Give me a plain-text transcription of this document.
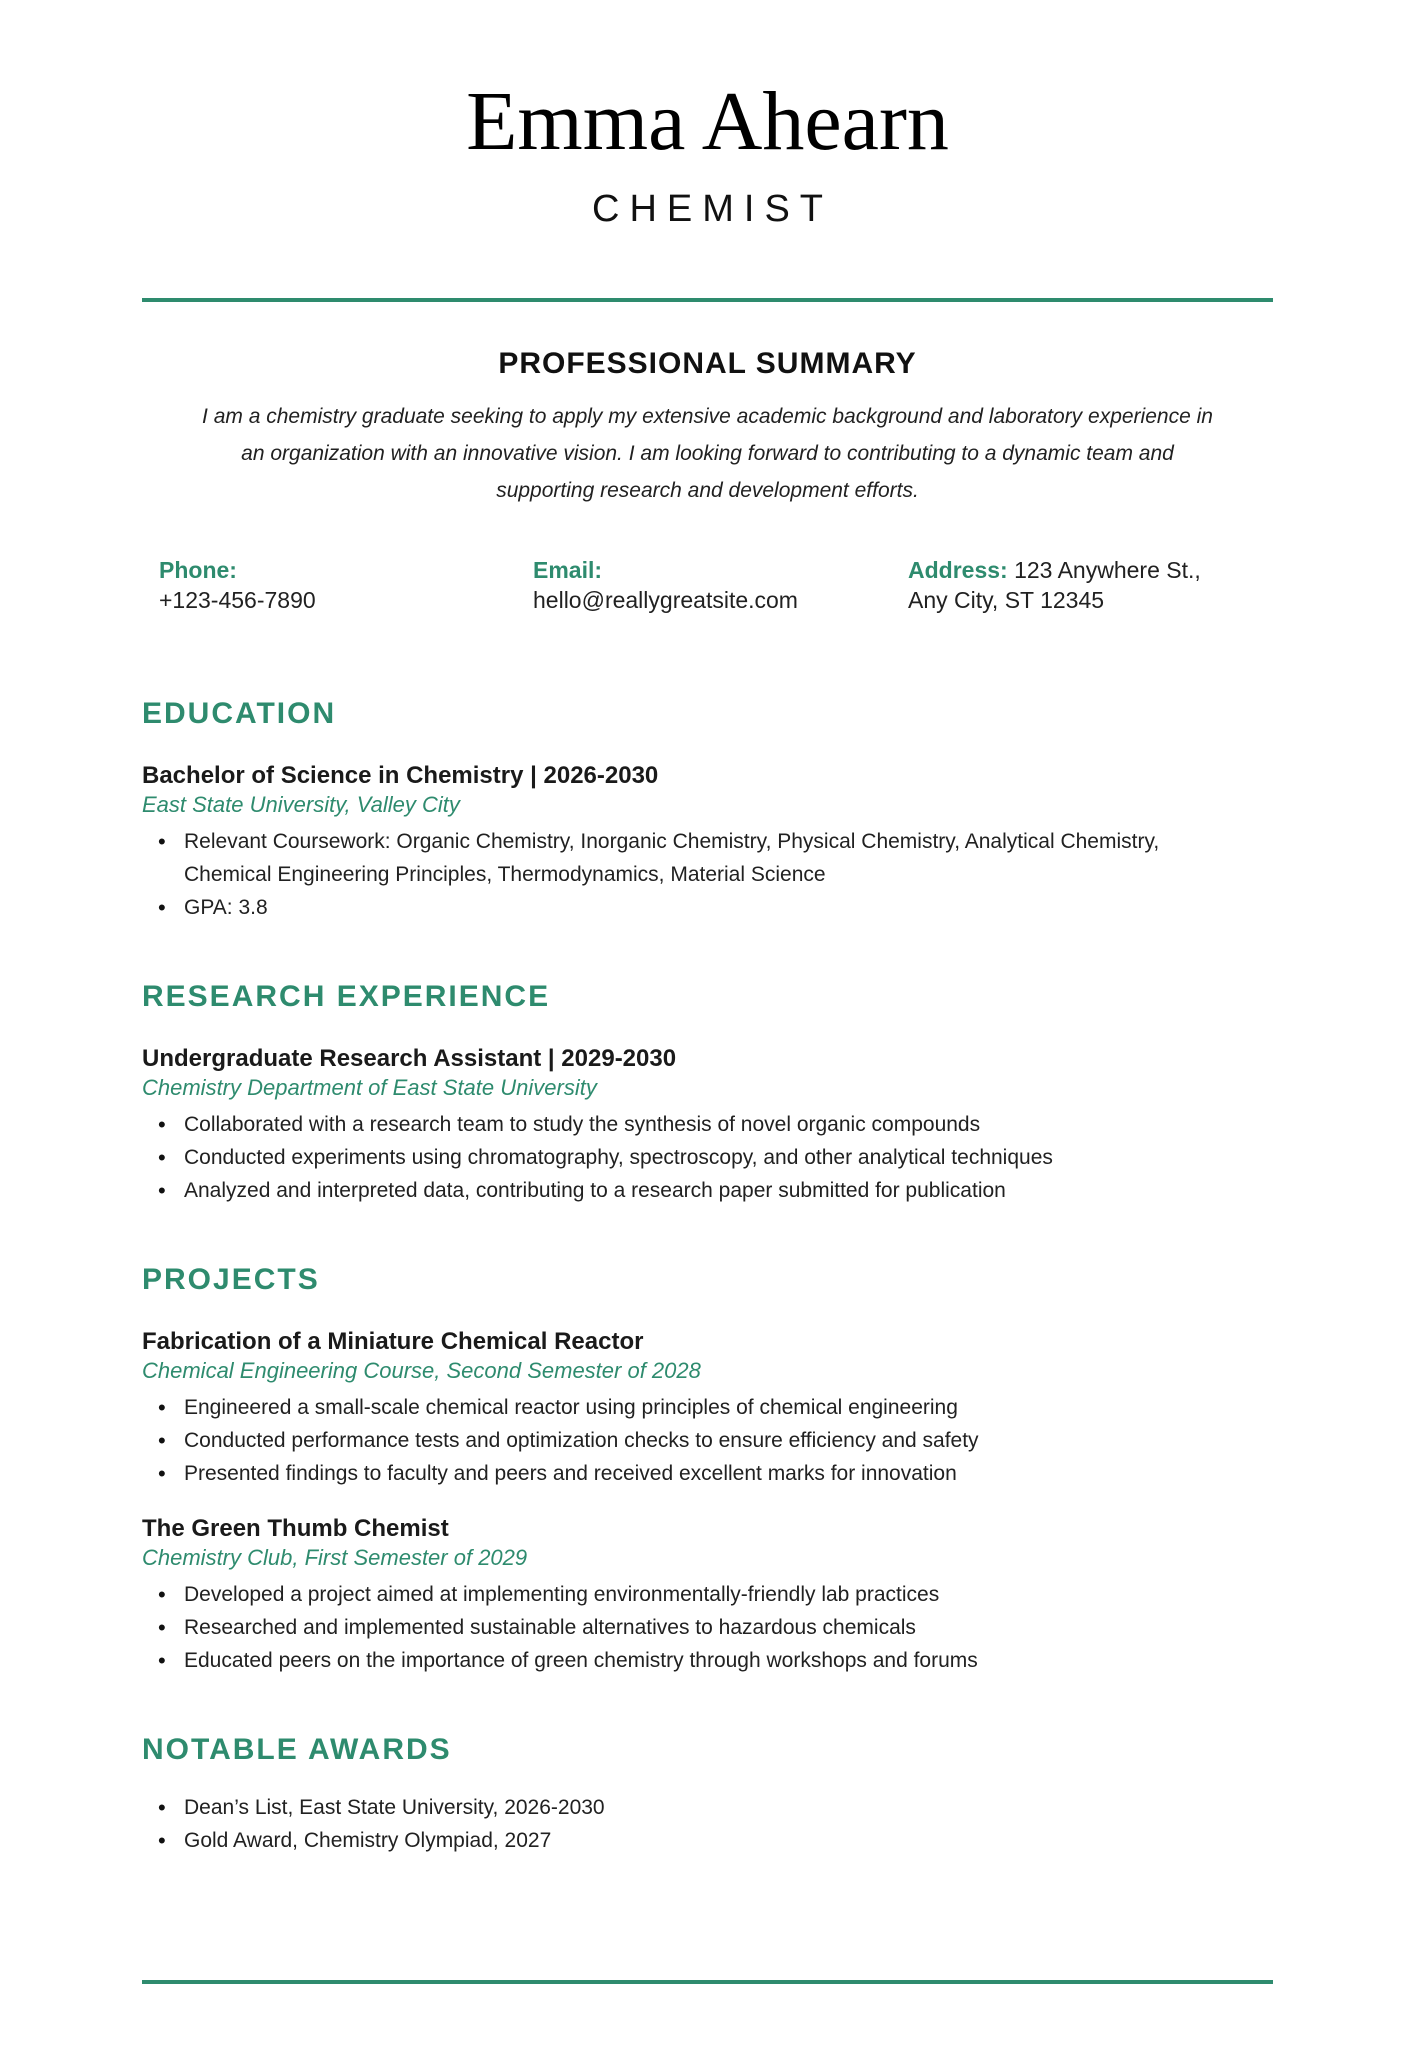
Emma Ahearn
CHEMIST
PROFESSIONAL SUMMARY

I am a chemistry graduate seeking to apply my extensive academic background and laboratory experience in an organization with an innovative vision. I am looking forward to contributing to a dynamic team and supporting research and development efforts.

Phone:
+123-456-7890
Email:
hello@reallygreatsite.com
Address: 123 Anywhere St.,
Any City, ST 12345
EDUCATION
Bachelor of Science in Chemistry | 2026-2030
East State University, Valley City
• Relevant Coursework: Organic Chemistry, Inorganic Chemistry, Physical Chemistry, Analytical Chemistry, Chemical Engineering Principles, Thermodynamics, Material Science
• GPA: 3.8
RESEARCH EXPERIENCE
Undergraduate Research Assistant | 2029-2030
Chemistry Department of East State University
• Collaborated with a research team to study the synthesis of novel organic compounds
• Conducted experiments using chromatography, spectroscopy, and other analytical techniques
• Analyzed and interpreted data, contributing to a research paper submitted for publication
PROJECTS
Fabrication of a Miniature Chemical Reactor
Chemical Engineering Course, Second Semester of 2028
• Engineered a small-scale chemical reactor using principles of chemical engineering
• Conducted performance tests and optimization checks to ensure efficiency and safety
• Presented findings to faculty and peers and received excellent marks for innovation
The Green Thumb Chemist
Chemistry Club, First Semester of 2029
• Developed a project aimed at implementing environmentally-friendly lab practices
• Researched and implemented sustainable alternatives to hazardous chemicals
• Educated peers on the importance of green chemistry through workshops and forums
NOTABLE AWARDS
• Dean’s List, East State University, 2026-2030
• Gold Award, Chemistry Olympiad, 2027
